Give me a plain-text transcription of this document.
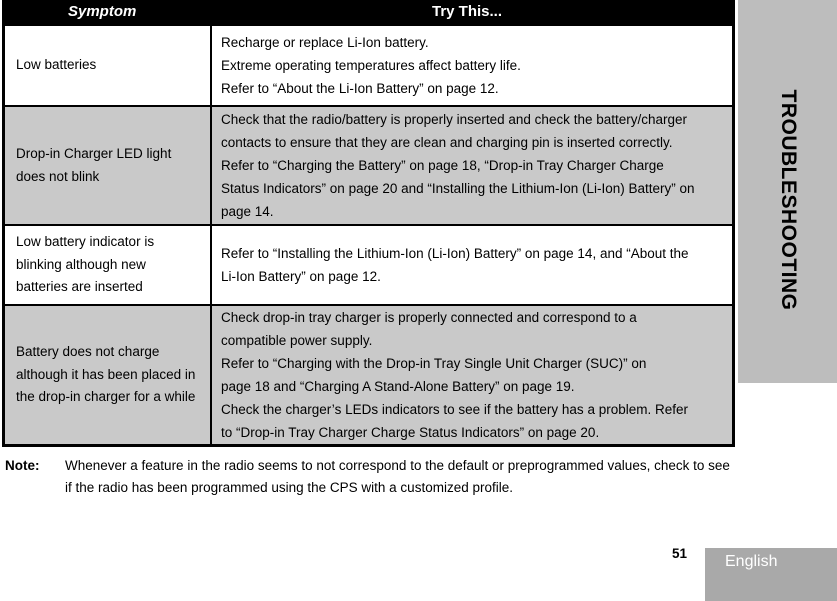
Symptom	Try This...
Low batteries
Recharge or replace Li-Ion battery.
Extreme operating temperatures affect battery life.
Refer to “About the Li-Ion Battery” on page 12.
Drop-in Charger LED light
does not blink
Check that the radio/battery is properly inserted and check the battery/charger
contacts to ensure that they are clean and charging pin is inserted correctly.
Refer to “Charging the Battery” on page 18, “Drop-in Tray Charger Charge
Status Indicators” on page 20 and “Installing the Lithium-Ion (Li-Ion) Battery” on
page 14.
Low battery indicator is
blinking although new
batteries are inserted
Refer to “Installing the Lithium-Ion (Li-Ion) Battery” on page 14, and “About the
Li-Ion Battery” on page 12.
Battery does not charge
although it has been placed in
the drop-in charger for a while
Check drop-in tray charger is properly connected and correspond to a
compatible power supply.
Refer to “Charging with the Drop-in Tray Single Unit Charger (SUC)” on
page 18 and “Charging A Stand-Alone Battery” on page 19.
Check the charger’s LEDs indicators to see if the battery has a problem. Refer
to “Drop-in Tray Charger Charge Status Indicators” on page 20.
Note: Whenever a feature in the radio seems to not correspond to the default or preprogrammed values, check to see if the radio has been programmed using the CPS with a customized profile.
TROUBLESHOOTING
51 English
